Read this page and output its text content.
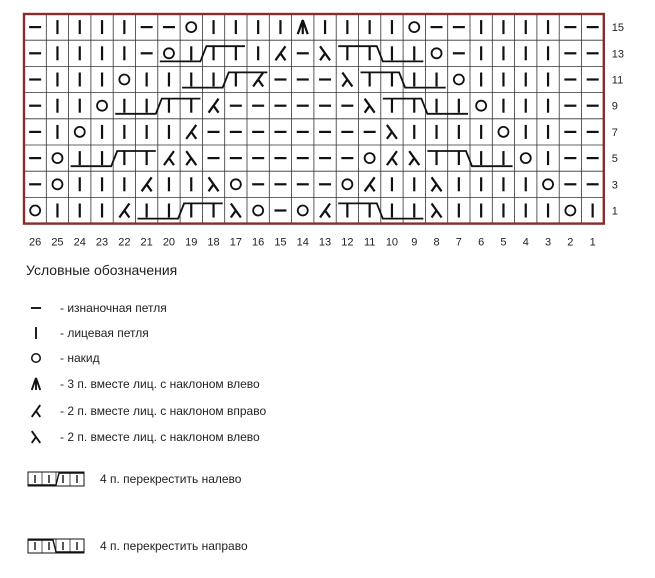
15
13
11
9
7
5
3
1
26 25 24 23 22 21 20 19 18 17 16 15 14 13 12 11 10 9 8 7 6 5 4 3 2 1
Условные обозначения
- изнаночная петля
- лицевая петля
- накид
- 3 п. вместе лиц. с наклоном влево
- 2 п. вместе лиц. с наклоном вправо
- 2 п. вместе лиц. с наклоном влево
4 п. перекрестить налево
4 п. перекрестить направо
